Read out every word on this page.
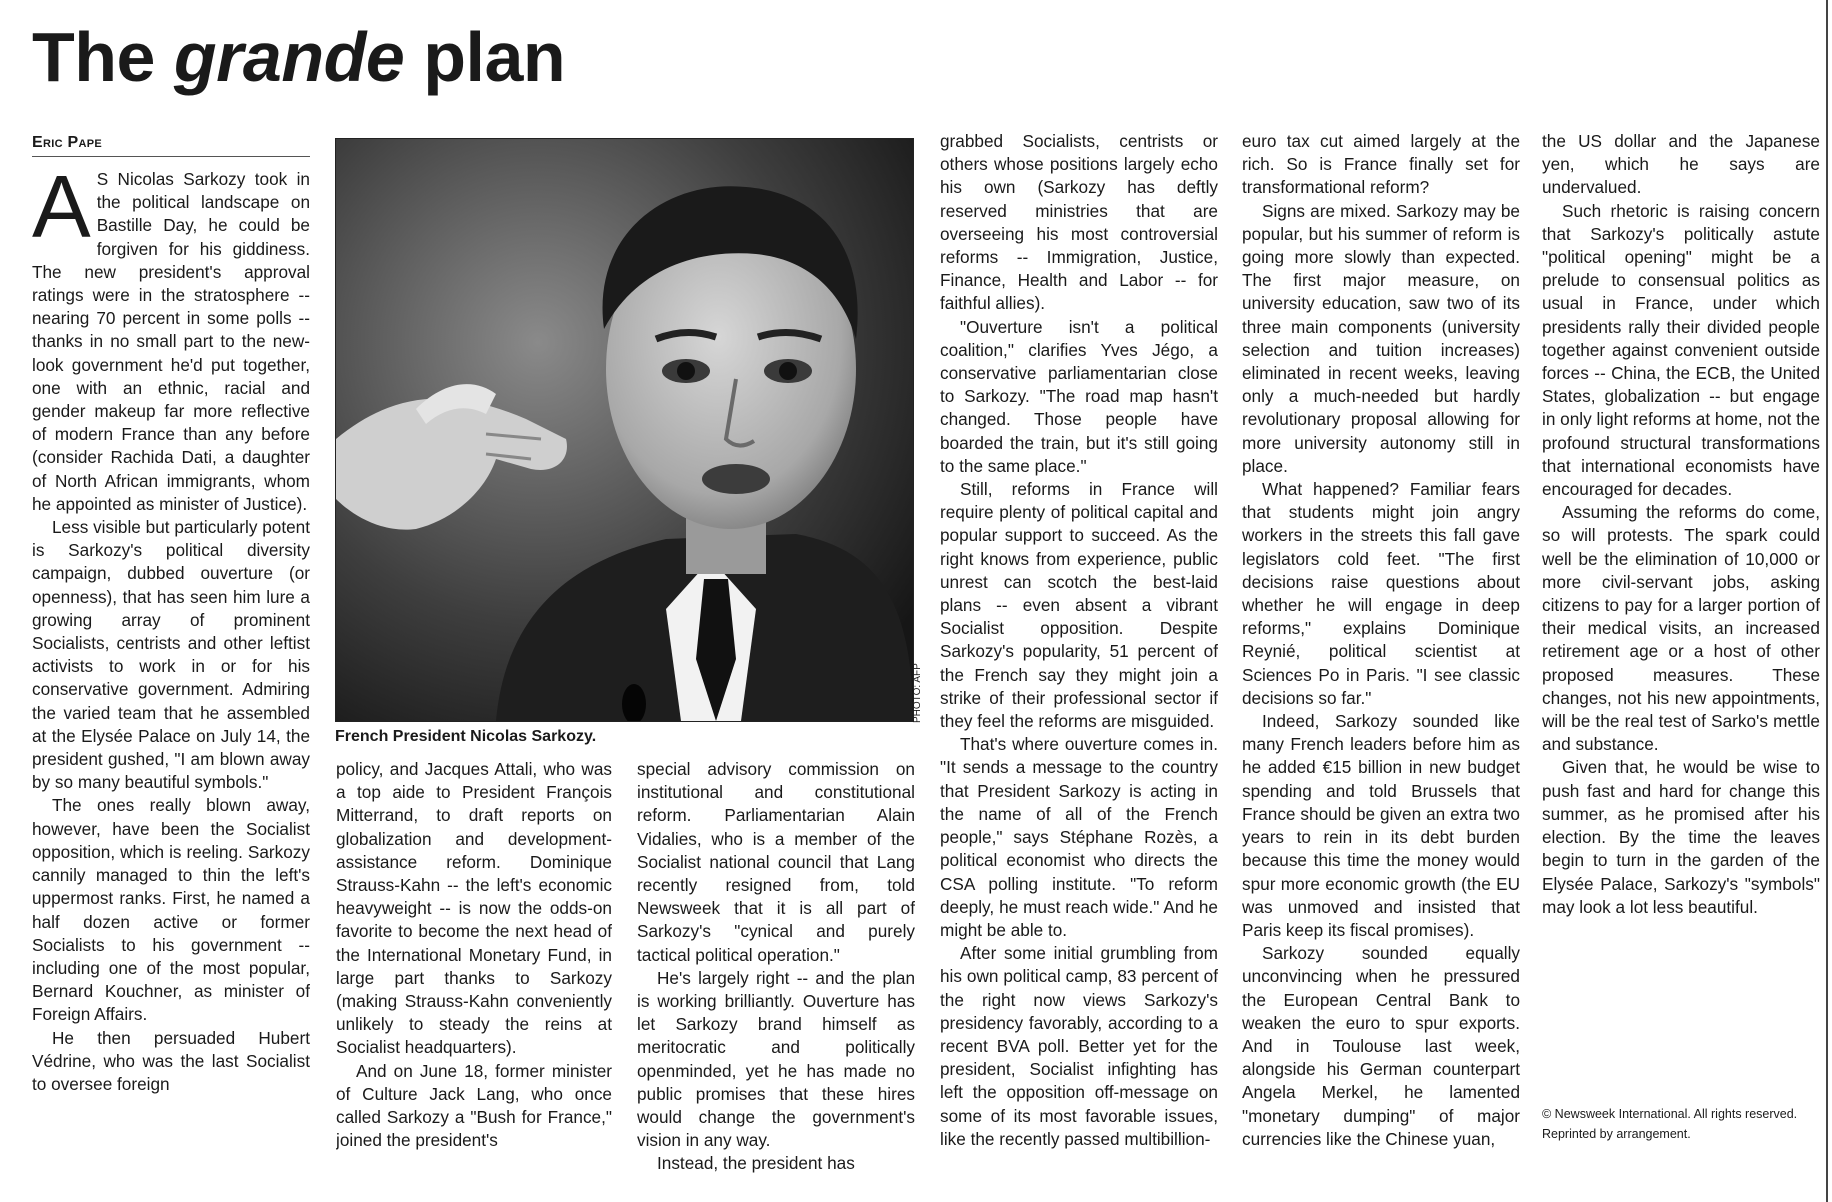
The grande plan
Eric Pape

A S Nicolas Sarkozy took in the political landscape on Bastille Day, he could be forgiven for his giddiness. The new president's approval ratings were in the stratosphere -- nearing 70 percent in some polls -- thanks in no small part to the new-look government he'd put together, one with an ethnic, racial and gender makeup far more reflective of modern France than any before (consider Rachida Dati, a daughter of North African immigrants, whom he appointed as minister of Justice).

Less visible but particularly potent is Sarkozy's political diversity campaign, dubbed ouverture (or openness), that has seen him lure a growing array of prominent Socialists, centrists and other leftist activists to work in or for his conservative government. Admiring the varied team that he assembled at the Elysée Palace on July 14, the president gushed, "I am blown away by so many beautiful symbols."

The ones really blown away, however, have been the Socialist opposition, which is reeling. Sarkozy cannily managed to thin the left's uppermost ranks. First, he named a half dozen active or former Socialists to his government -- including one of the most popular, Bernard Kouchner, as minister of Foreign Affairs.

He then persuaded Hubert Védrine, who was the last Socialist to oversee foreign

PHOTO: AFP
French President Nicolas Sarkozy.

policy, and Jacques Attali, who was a top aide to President François Mitterrand, to draft reports on globalization and development-assistance reform. Dominique Strauss-Kahn -- the left's economic heavyweight -- is now the odds-on favorite to become the next head of the International Monetary Fund, in large part thanks to Sarkozy (making Strauss-Kahn conveniently unlikely to steady the reins at Socialist headquarters).

And on June 18, former minister of Culture Jack Lang, who once called Sarkozy a "Bush for France," joined the president's

special advisory commission on institutional and constitutional reform. Parliamentarian Alain Vidalies, who is a member of the Socialist national council that Lang recently resigned from, told Newsweek that it is all part of Sarkozy's "cynical and purely tactical political operation."

He's largely right -- and the plan is working brilliantly. Ouverture has let Sarkozy brand himself as meritocratic and politically openminded, yet he has made no public promises that these hires would change the government's vision in any way.

Instead, the president has

grabbed Socialists, centrists or others whose positions largely echo his own (Sarkozy has deftly reserved ministries that are overseeing his most controversial reforms -- Immigration, Justice, Finance, Health and Labor -- for faithful allies).

"Ouverture isn't a political coalition," clarifies Yves Jégo, a conservative parliamentarian close to Sarkozy. "The road map hasn't changed. Those people have boarded the train, but it's still going to the same place."

Still, reforms in France will require plenty of political capital and popular support to succeed. As the right knows from experience, public unrest can scotch the best-laid plans -- even absent a vibrant Socialist opposition. Despite Sarkozy's popularity, 51 percent of the French say they might join a strike of their professional sector if they feel the reforms are misguided.

That's where ouverture comes in. "It sends a message to the country that President Sarkozy is acting in the name of all of the French people," says Stéphane Rozès, a political economist who directs the CSA polling institute. "To reform deeply, he must reach wide." And he might be able to.

After some initial grumbling from his own political camp, 83 percent of the right now views Sarkozy's presidency favorably, according to a recent BVA poll. Better yet for the president, Socialist infighting has left the opposition off-message on some of its most favorable issues, like the recently passed multibillion-

euro tax cut aimed largely at the rich. So is France finally set for transformational reform?

Signs are mixed. Sarkozy may be popular, but his summer of reform is going more slowly than expected. The first major measure, on university education, saw two of its three main components (university selection and tuition increases) eliminated in recent weeks, leaving only a much-needed but hardly revolutionary proposal allowing for more university autonomy still in place.

What happened? Familiar fears that students might join angry workers in the streets this fall gave legislators cold feet. "The first decisions raise questions about whether he will engage in deep reforms," explains Dominique Reynié, political scientist at Sciences Po in Paris. "I see classic decisions so far."

Indeed, Sarkozy sounded like many French leaders before him as he added €15 billion in new budget spending and told Brussels that France should be given an extra two years to rein in its debt burden because this time the money would spur more economic growth (the EU was unmoved and insisted that Paris keep its fiscal promises).

Sarkozy sounded equally unconvincing when he pressured the European Central Bank to weaken the euro to spur exports. And in Toulouse last week, alongside his German counterpart Angela Merkel, he lamented "monetary dumping" of major currencies like the Chinese yuan,

the US dollar and the Japanese yen, which he says are undervalued.

Such rhetoric is raising concern that Sarkozy's politically astute "political opening" might be a prelude to consensual politics as usual in France, under which presidents rally their divided people together against convenient outside forces -- China, the ECB, the United States, globalization -- but engage in only light reforms at home, not the profound structural transformations that international economists have encouraged for decades.

Assuming the reforms do come, so will protests. The spark could well be the elimination of 10,000 or more civil-servant jobs, asking citizens to pay for a larger portion of their medical visits, an increased retirement age or a host of other proposed measures. These changes, not his new appointments, will be the real test of Sarko's mettle and substance.

Given that, he would be wise to push fast and hard for change this summer, as he promised after his election. By the time the leaves begin to turn in the garden of the Elysée Palace, Sarkozy's "symbols" may look a lot less beautiful.

© Newsweek International. All rights reserved.
Reprinted by arrangement.
